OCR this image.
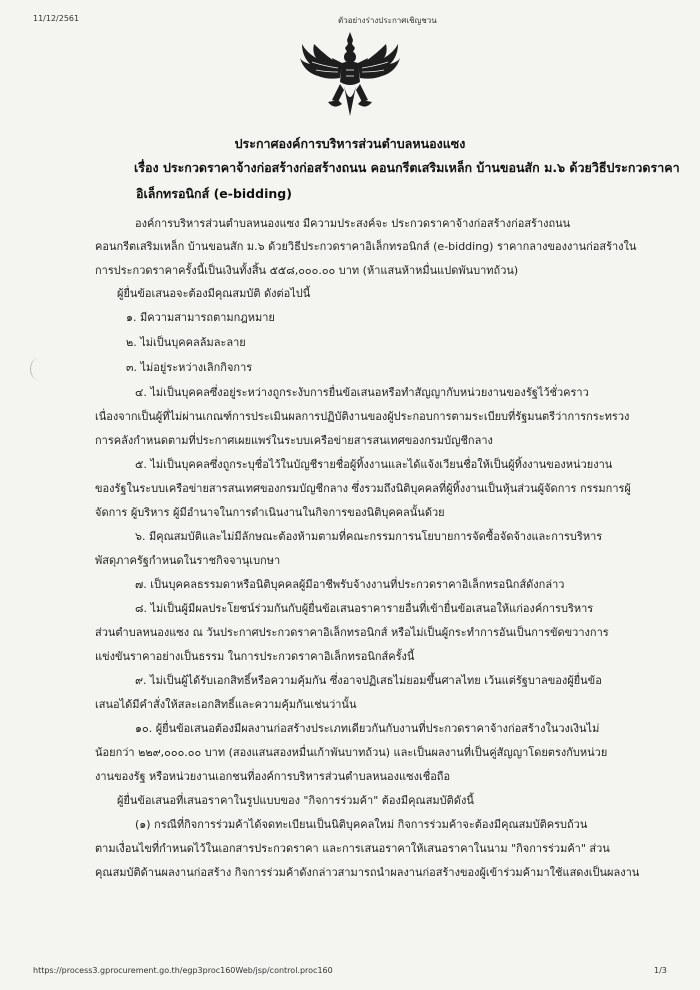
11/12/2561	ตัวอย่างร่างประกาศเชิญชวน
ประกาศองค์การบริหารส่วนตำบลหนองแซง
เรื่อง ประกวดราคาจ้างก่อสร้างก่อสร้างถนน คอนกรีตเสริมเหล็ก บ้านขอนสัก ม.๖ ด้วยวิธีประกวดราคา
อิเล็กทรอนิกส์ (e-bidding)
องค์การบริหารส่วนตำบลหนองแซง มีความประสงค์จะ ประกวดราคาจ้างก่อสร้างก่อสร้างถนน
คอนกรีตเสริมเหล็ก บ้านขอนสัก ม.๖ ด้วยวิธีประกวดราคาอิเล็กทรอนิกส์ (e-bidding) ราคากลางของงานก่อสร้างใน
การประกวดราคาครั้งนี้เป็นเงินทั้งสิ้น ๕๕๘,๐๐๐.๐๐ บาท (ห้าแสนห้าหมื่นแปดพันบาทถ้วน)
ผู้ยื่นข้อเสนอจะต้องมีคุณสมบัติ ดังต่อไปนี้
๑. มีความสามารถตามกฎหมาย
๒. ไม่เป็นบุคคลล้มละลาย
๓. ไม่อยู่ระหว่างเลิกกิจการ
๔. ไม่เป็นบุคคลซึ่งอยู่ระหว่างถูกระงับการยื่นข้อเสนอหรือทำสัญญากับหน่วยงานของรัฐไว้ชั่วคราว
เนื่องจากเป็นผู้ที่ไม่ผ่านเกณฑ์การประเมินผลการปฏิบัติงานของผู้ประกอบการตามระเบียบที่รัฐมนตรีว่าการกระทรวง
การคลังกำหนดตามที่ประกาศเผยแพร่ในระบบเครือข่ายสารสนเทศของกรมบัญชีกลาง
๕. ไม่เป็นบุคคลซึ่งถูกระบุชื่อไว้ในบัญชีรายชื่อผู้ทิ้งงานและได้แจ้งเวียนชื่อให้เป็นผู้ทิ้งงานของหน่วยงาน
ของรัฐในระบบเครือข่ายสารสนเทศของกรมบัญชีกลาง ซึ่งรวมถึงนิติบุคคลที่ผู้ทิ้งงานเป็นหุ้นส่วนผู้จัดการ กรรมการผู้
จัดการ ผู้บริหาร ผู้มีอำนาจในการดำเนินงานในกิจการของนิติบุคคลนั้นด้วย
๖. มีคุณสมบัติและไม่มีลักษณะต้องห้ามตามที่คณะกรรมการนโยบายการจัดซื้อจัดจ้างและการบริหาร
พัสดุภาครัฐกำหนดในราชกิจจานุเบกษา
๗. เป็นบุคคลธรรมดาหรือนิติบุคคลผู้มีอาชีพรับจ้างงานที่ประกวดราคาอิเล็กทรอนิกส์ดังกล่าว
๘. ไม่เป็นผู้มีผลประโยชน์ร่วมกันกับผู้ยื่นข้อเสนอราคารายอื่นที่เข้ายื่นข้อเสนอให้แก่องค์การบริหาร
ส่วนตำบลหนองแซง ณ วันประกาศประกวดราคาอิเล็กทรอนิกส์ หรือไม่เป็นผู้กระทำการอันเป็นการขัดขวางการ
แข่งขันราคาอย่างเป็นธรรม ในการประกวดราคาอิเล็กทรอนิกส์ครั้งนี้
๙. ไม่เป็นผู้ได้รับเอกสิทธิ์หรือความคุ้มกัน ซึ่งอาจปฏิเสธไม่ยอมขึ้นศาลไทย เว้นแต่รัฐบาลของผู้ยื่นข้อ
เสนอได้มีคำสั่งให้สละเอกสิทธิ์และความคุ้มกันเช่นว่านั้น
๑๐. ผู้ยื่นข้อเสนอต้องมีผลงานก่อสร้างประเภทเดียวกันกับงานที่ประกวดราคาจ้างก่อสร้างในวงเงินไม่
น้อยกว่า ๒๒๙,๐๐๐.๐๐ บาท (สองแสนสองหมื่นเก้าพันบาทถ้วน) และเป็นผลงานที่เป็นคู่สัญญาโดยตรงกับหน่วย
งานของรัฐ หรือหน่วยงานเอกชนที่องค์การบริหารส่วนตำบลหนองแซงเชื่อถือ
ผู้ยื่นข้อเสนอที่เสนอราคาในรูปแบบของ "กิจการร่วมค้า" ต้องมีคุณสมบัติดังนี้
(๑) กรณีที่กิจการร่วมค้าได้จดทะเบียนเป็นนิติบุคคลใหม่ กิจการร่วมค้าจะต้องมีคุณสมบัติครบถ้วน
ตามเงื่อนไขที่กำหนดไว้ในเอกสารประกวดราคา และการเสนอราคาให้เสนอราคาในนาม "กิจการร่วมค้า" ส่วน
คุณสมบัติด้านผลงานก่อสร้าง กิจการร่วมค้าดังกล่าวสามารถนำผลงานก่อสร้างของผู้เข้าร่วมค้ามาใช้แสดงเป็นผลงาน
https://process3.gprocurement.go.th/egp3proc160Web/jsp/control.proc160	1/3
